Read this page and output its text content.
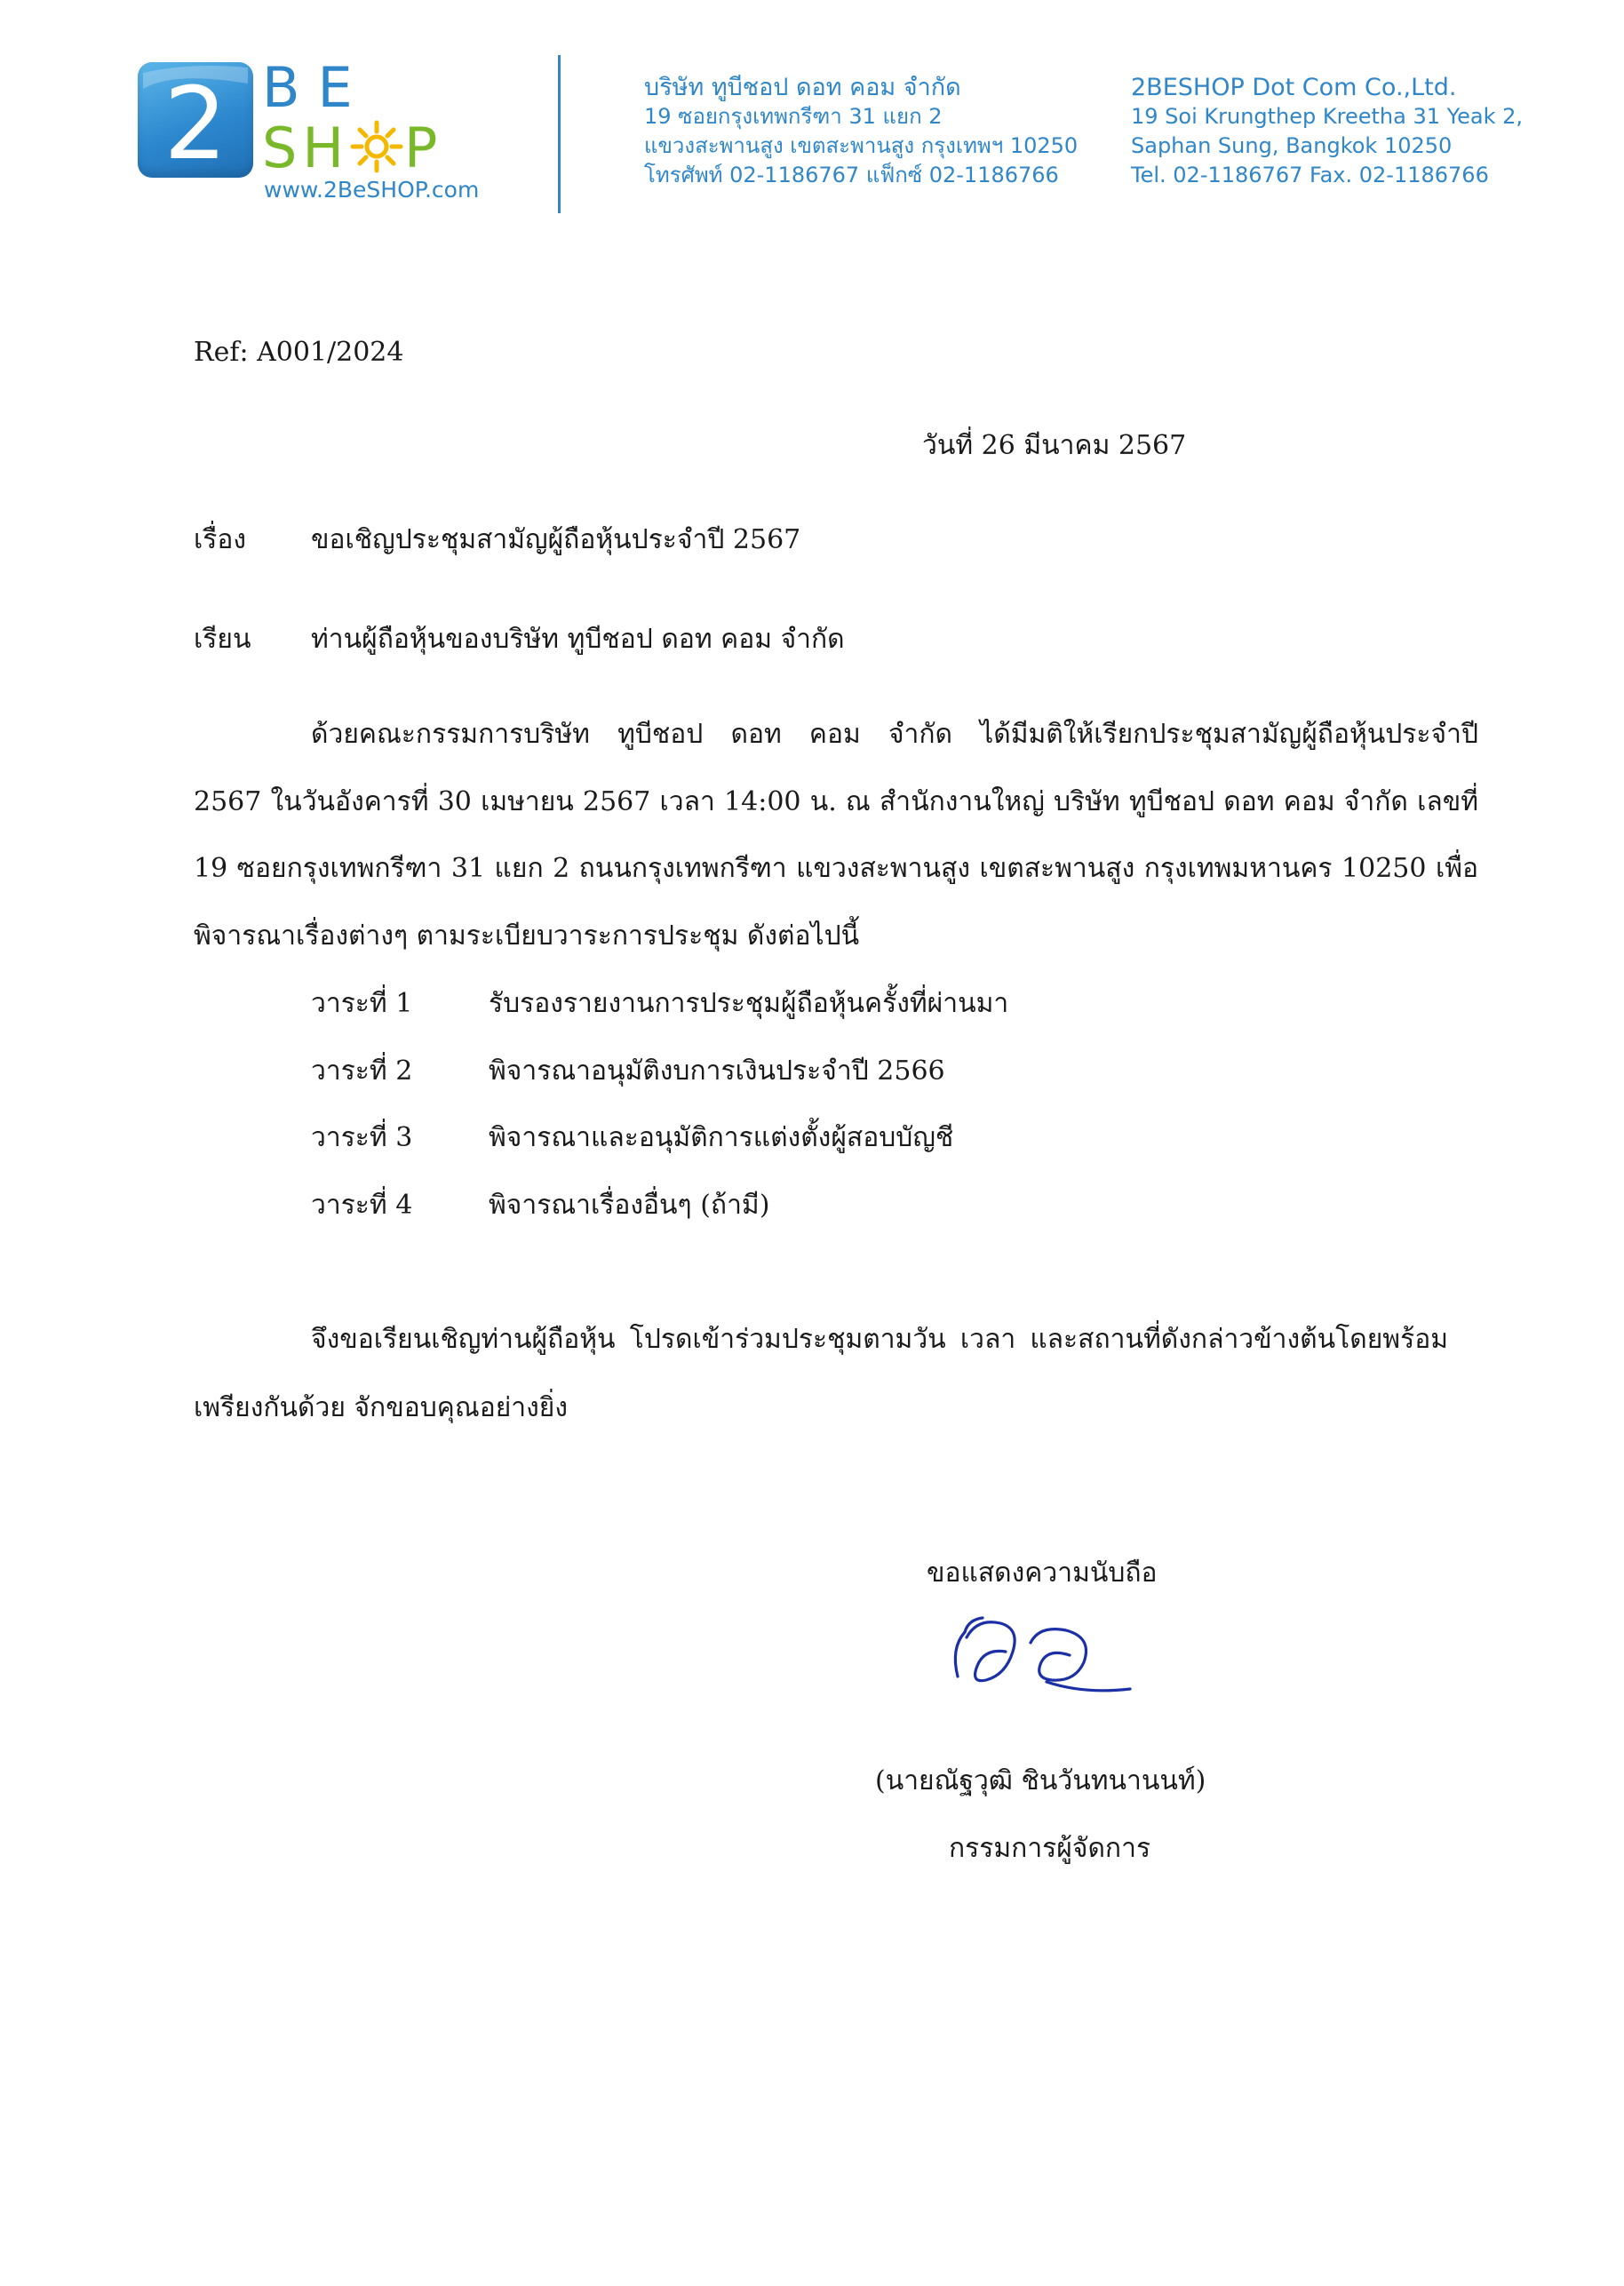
2 BE
SH P
www.2BeSHOP.com
บริษัท ทูบีชอป ดอท คอม จำกัด
19 ซอยกรุงเทพกรีฑา 31 แยก 2
แขวงสะพานสูง เขตสะพานสูง กรุงเทพฯ 10250
โทรศัพท์ 02-1186767 แฟ็กซ์ 02-1186766
2BESHOP Dot Com Co.,Ltd.
19 Soi Krungthep Kreetha 31 Yeak 2,
Saphan Sung, Bangkok 10250
Tel. 02-1186767 Fax. 02-1186766
Ref: A001/2024
วันที่ 26 มีนาคม 2567
เรื่อง ขอเชิญประชุมสามัญผู้ถือหุ้นประจำปี 2567
เรียน ท่านผู้ถือหุ้นของบริษัท ทูบีชอป ดอท คอม จำกัด
ด้วยคณะกรรมการบริษัท ทูบีชอป ดอท คอม จำกัด ได้มีมติให้เรียกประชุมสามัญผู้ถือหุ้นประจำปี
2567 ในวันอังคารที่ 30 เมษายน 2567 เวลา 14:00 น. ณ สำนักงานใหญ่ บริษัท ทูบีชอป ดอท คอม จำกัด เลขที่
19 ซอยกรุงเทพกรีฑา 31 แยก 2 ถนนกรุงเทพกรีฑา แขวงสะพานสูง เขตสะพานสูง กรุงเทพมหานคร 10250 เพื่อ
พิจารณาเรื่องต่างๆ ตามระเบียบวาระการประชุม ดังต่อไปนี้
วาระที่ 1	รับรองรายงานการประชุมผู้ถือหุ้นครั้งที่ผ่านมา
วาระที่ 2	พิจารณาอนุมัติงบการเงินประจำปี 2566
วาระที่ 3	พิจารณาและอนุมัติการแต่งตั้งผู้สอบบัญชี
วาระที่ 4	พิจารณาเรื่องอื่นๆ (ถ้ามี)
จึงขอเรียนเชิญท่านผู้ถือหุ้น โปรดเข้าร่วมประชุมตามวัน เวลา และสถานที่ดังกล่าวข้างต้นโดยพร้อม
เพรียงกันด้วย จักขอบคุณอย่างยิ่ง
ขอแสดงความนับถือ
(นายณัฐวุฒิ ชินวันทนานนท์)
กรรมการผู้จัดการ
